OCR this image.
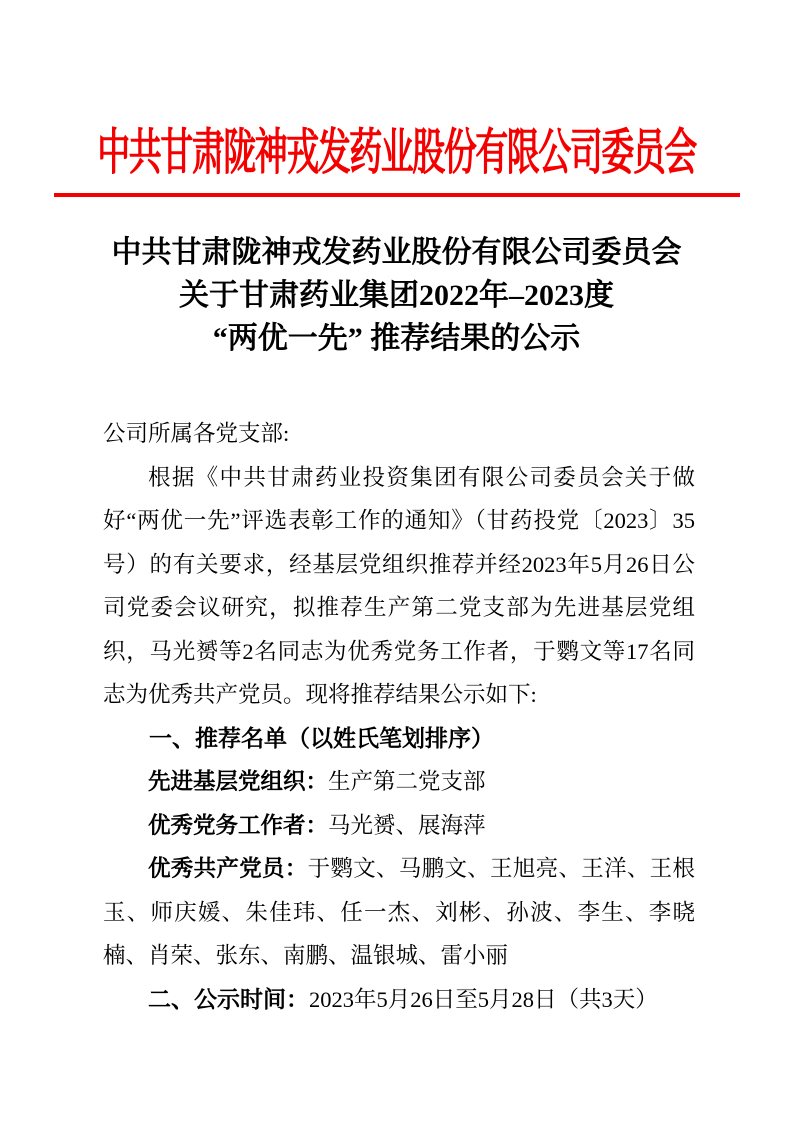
中共甘肃陇神戎发药业股份有限公司委员会
中共甘肃陇神戎发药业股份有限公司委员会
关于甘肃药业集团2022年–2023度
“两优一先” 推荐结果的公示

公司所属各党支部:

根据《中共甘肃药业投资集团有限公司委员会关于做好“两优一先”评选表彰工作的通知》（甘药投党〔2023〕35号）的有关要求，经基层党组织推荐并经2023年5月26日公司党委会议研究，拟推荐生产第二党支部为先进基层党组织，马光赟等2名同志为优秀党务工作者，于鹦文等17名同志为优秀共产党员。现将推荐结果公示如下:

一、推荐名单（以姓氏笔划排序）

先进基层党组织：生产第二党支部

优秀党务工作者：马光赟、展海萍

优秀共产党员：于鹦文、马鹏文、王旭亮、王洋、王根玉、师庆媛、朱佳玮、任一杰、刘彬、孙波、李生、李晓楠、肖荣、张东、南鹏、温银城、雷小丽

二、公示时间：2023年5月26日至5月28日（共3天）
